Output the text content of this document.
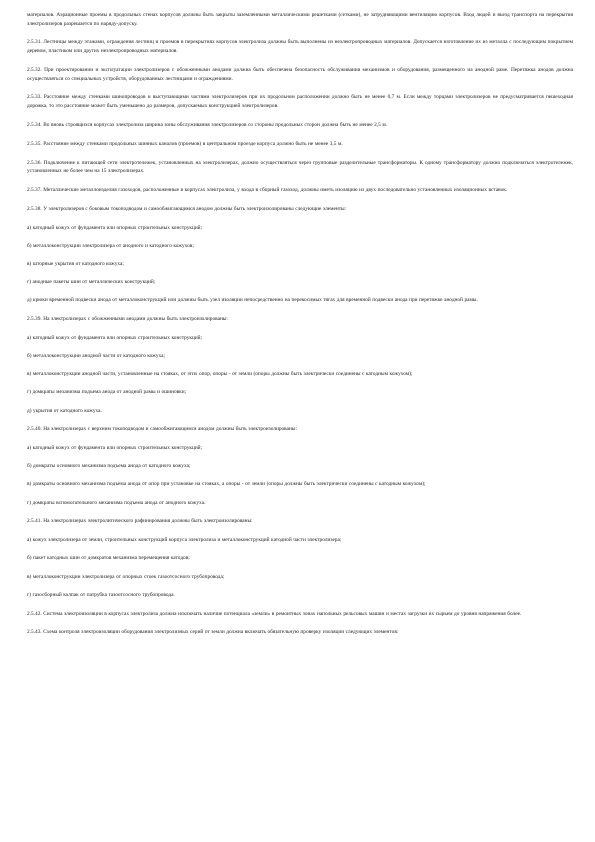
материалов. Аэрационные проемы в продольных стенах корпусов должны быть закрыты заземленными металлическими решетками (сетками), не затрудняющими вентиляцию корпусов. Вход людей и въезд транспорта на перекрытия электролизеров разрешается по наряду-допуску.

2.5.31. Лестницы между этажами, ограждения лестниц и проемов в перекрытиях корпусов электролиза должны быть выполнены из неэлектропроводных материалов. Допускается изготовление их из металла с последующим покрытием деревом, пластиком или других неэлектропроводных материалов.

2.5.32. При проектировании и эксплуатации электролизеров с обожженными анодами должна быть обеспечена безопасность обслуживания механизмов и оборудования, размещенного на анодной раме. Перетяжка анодов должна осуществляться со специальных устройств, оборудованных лестницами и ограждениями.

2.5.33. Расстояние между стенками шинопроводов и выступающими частями электролизеров при их продольном расположении должно быть не менее 0,7 м. Если между торцами электролизеров не предусматривается пешеходная дорожка, то это расстояние может быть уменьшено до размеров, допускаемых конструкцией электролизеров.

2.5.34. Во вновь строящихся корпусах электролиза ширина зоны обслуживания электролизеров со стороны продольных сторон должна быть не менее 2,5 м.

2.5.35. Расстояние между стенками продольных шинных каналов (проемов) в центральном проезде корпуса должно быть не менее 3,5 м.

2.5.36. Подключение к питающей сети электротележек, установленных на электролизерах, должно осуществляться через групповые разделительные трансформаторы. К одному трансформатору должно подключаться электротележек, установленных не более чем на 15 электролизерах.

2.5.37. Металлические металлоизделия газоходов, расположенные в корпусах электролиза, у входа в сборный газоход, должны иметь изоляцию из двух последовательно установленных изоляционных вставок.

2.5.38. У электролизеров с боковым токоподводом и самообжигающимся анодом должны быть электроизолированы следующие элементы:

а) катодный кожух от фундамента или опорных строительных конструкций;

б) металлоконструкции электролизера от анодного и катодного кожухов;

в) шторные укрытия от катодного кожуха;

г) анодные пакеты шин от металлических конструкций;

д) крюки временной подвески анода от металлоконструкций или должны быть узел изоляции непосредственно на перекосимых тягах для временной подвески анода при перетяжке анодной рамы.

2.5.39. На электролизерах с обожженными анодами должны быть электроизолированы:

а) катодный кожух от фундамента или опорных строительных конструкций;

б) металлоконструкции анодной части от катодного кожуха;

в) металлоконструкции анодной части, установленные на стояках, от этих опор, опоры - от земли (опоры должны быть электрически соединены с катодным кожухом);

г) домкраты механизма подъема анода от анодной рамы и ошиновки;

д) укрытия от катодного кожуха.

2.5.40. На электролизерах с верхним токоподводом и самообжигающимся анодом должны быть электроизолированы:

а) катодный кожух от фундамента или опорных строительных конструкций;

б) домкраты основного механизма подъема анода от катодного кожуха;

в) домкраты основного механизма подъема анода от опор при установке на стояках, а опоры - от земли (опоры должны быть электрически соединены с катодным кожухом);

г) домкраты вспомогательного механизма подъема анода от анодного кожуха.

2.5.41. На электролизерах электролитического рафинирования должны быть электроизолированы:

а) кожух электролизера от земли, строительных конструкций корпуса электролиза и металлоконструкций катодной части электролизера;

б) пакет катодных шин от домкратов механизма перемещения катодов;

в) металлоконструкции электролизера от опорных стоек газоотсосного трубопровода;

г) газосборный колпак от патрубка газоотсосного трубопровода.

2.5.42. Система электроизоляции в корпусах электролиза должна исключать наличие потенциала «земли» в ремонтных зонах напольных рельсовых машин и местах загрузки их сырьем до уровня напряжения более.

2.5.43. Схема контроля электроизоляции оборудования электролизных серий от земли должна включать обязательную проверку изоляции следующих элементов:
